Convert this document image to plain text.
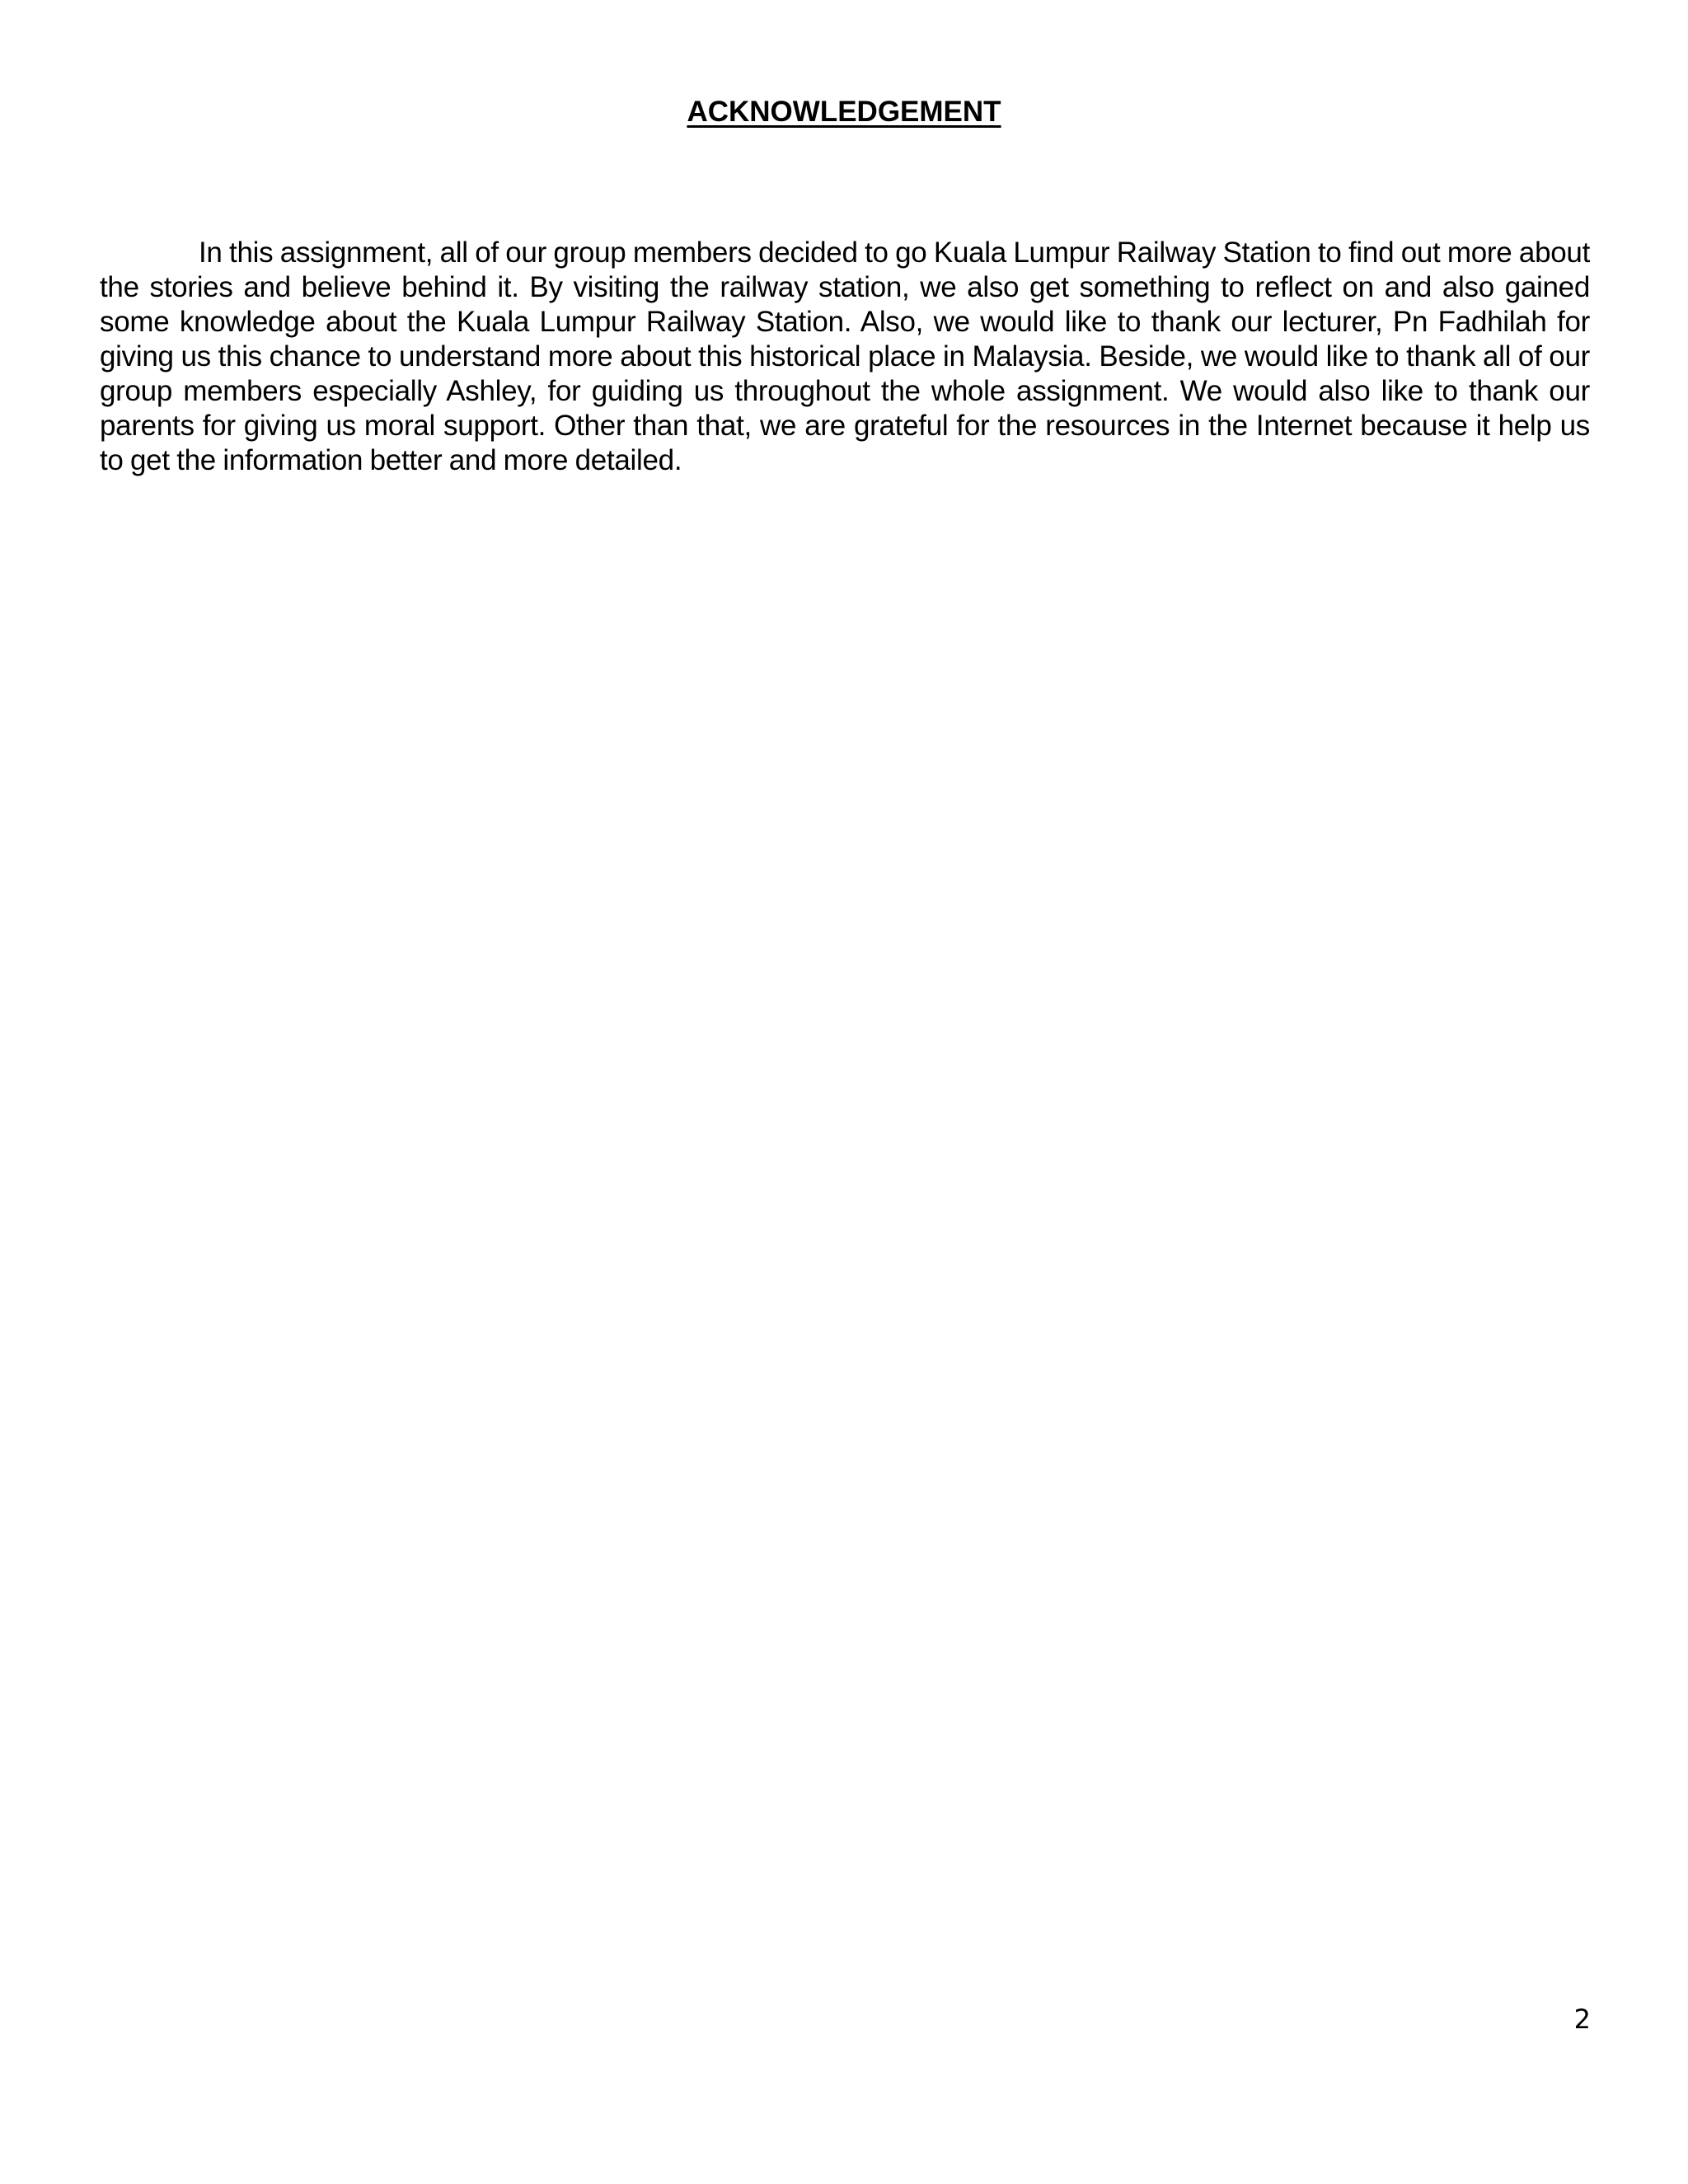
ACKNOWLEDGEMENT

In this assignment, all of our group members decided to go Kuala Lumpur Railway Station to find out more about the stories and believe behind it. By visiting the railway station, we also get something to reflect on and also gained some knowledge about the Kuala Lumpur Railway Station. Also, we would like to thank our lecturer, Pn Fadhilah for giving us this chance to understand more about this historical place in Malaysia. Beside, we would like to thank all of our group members especially Ashley, for guiding us throughout the whole assignment. We would also like to thank our parents for giving us moral support. Other than that, we are grateful for the resources in the Internet because it help us to get the information better and more detailed.

2
